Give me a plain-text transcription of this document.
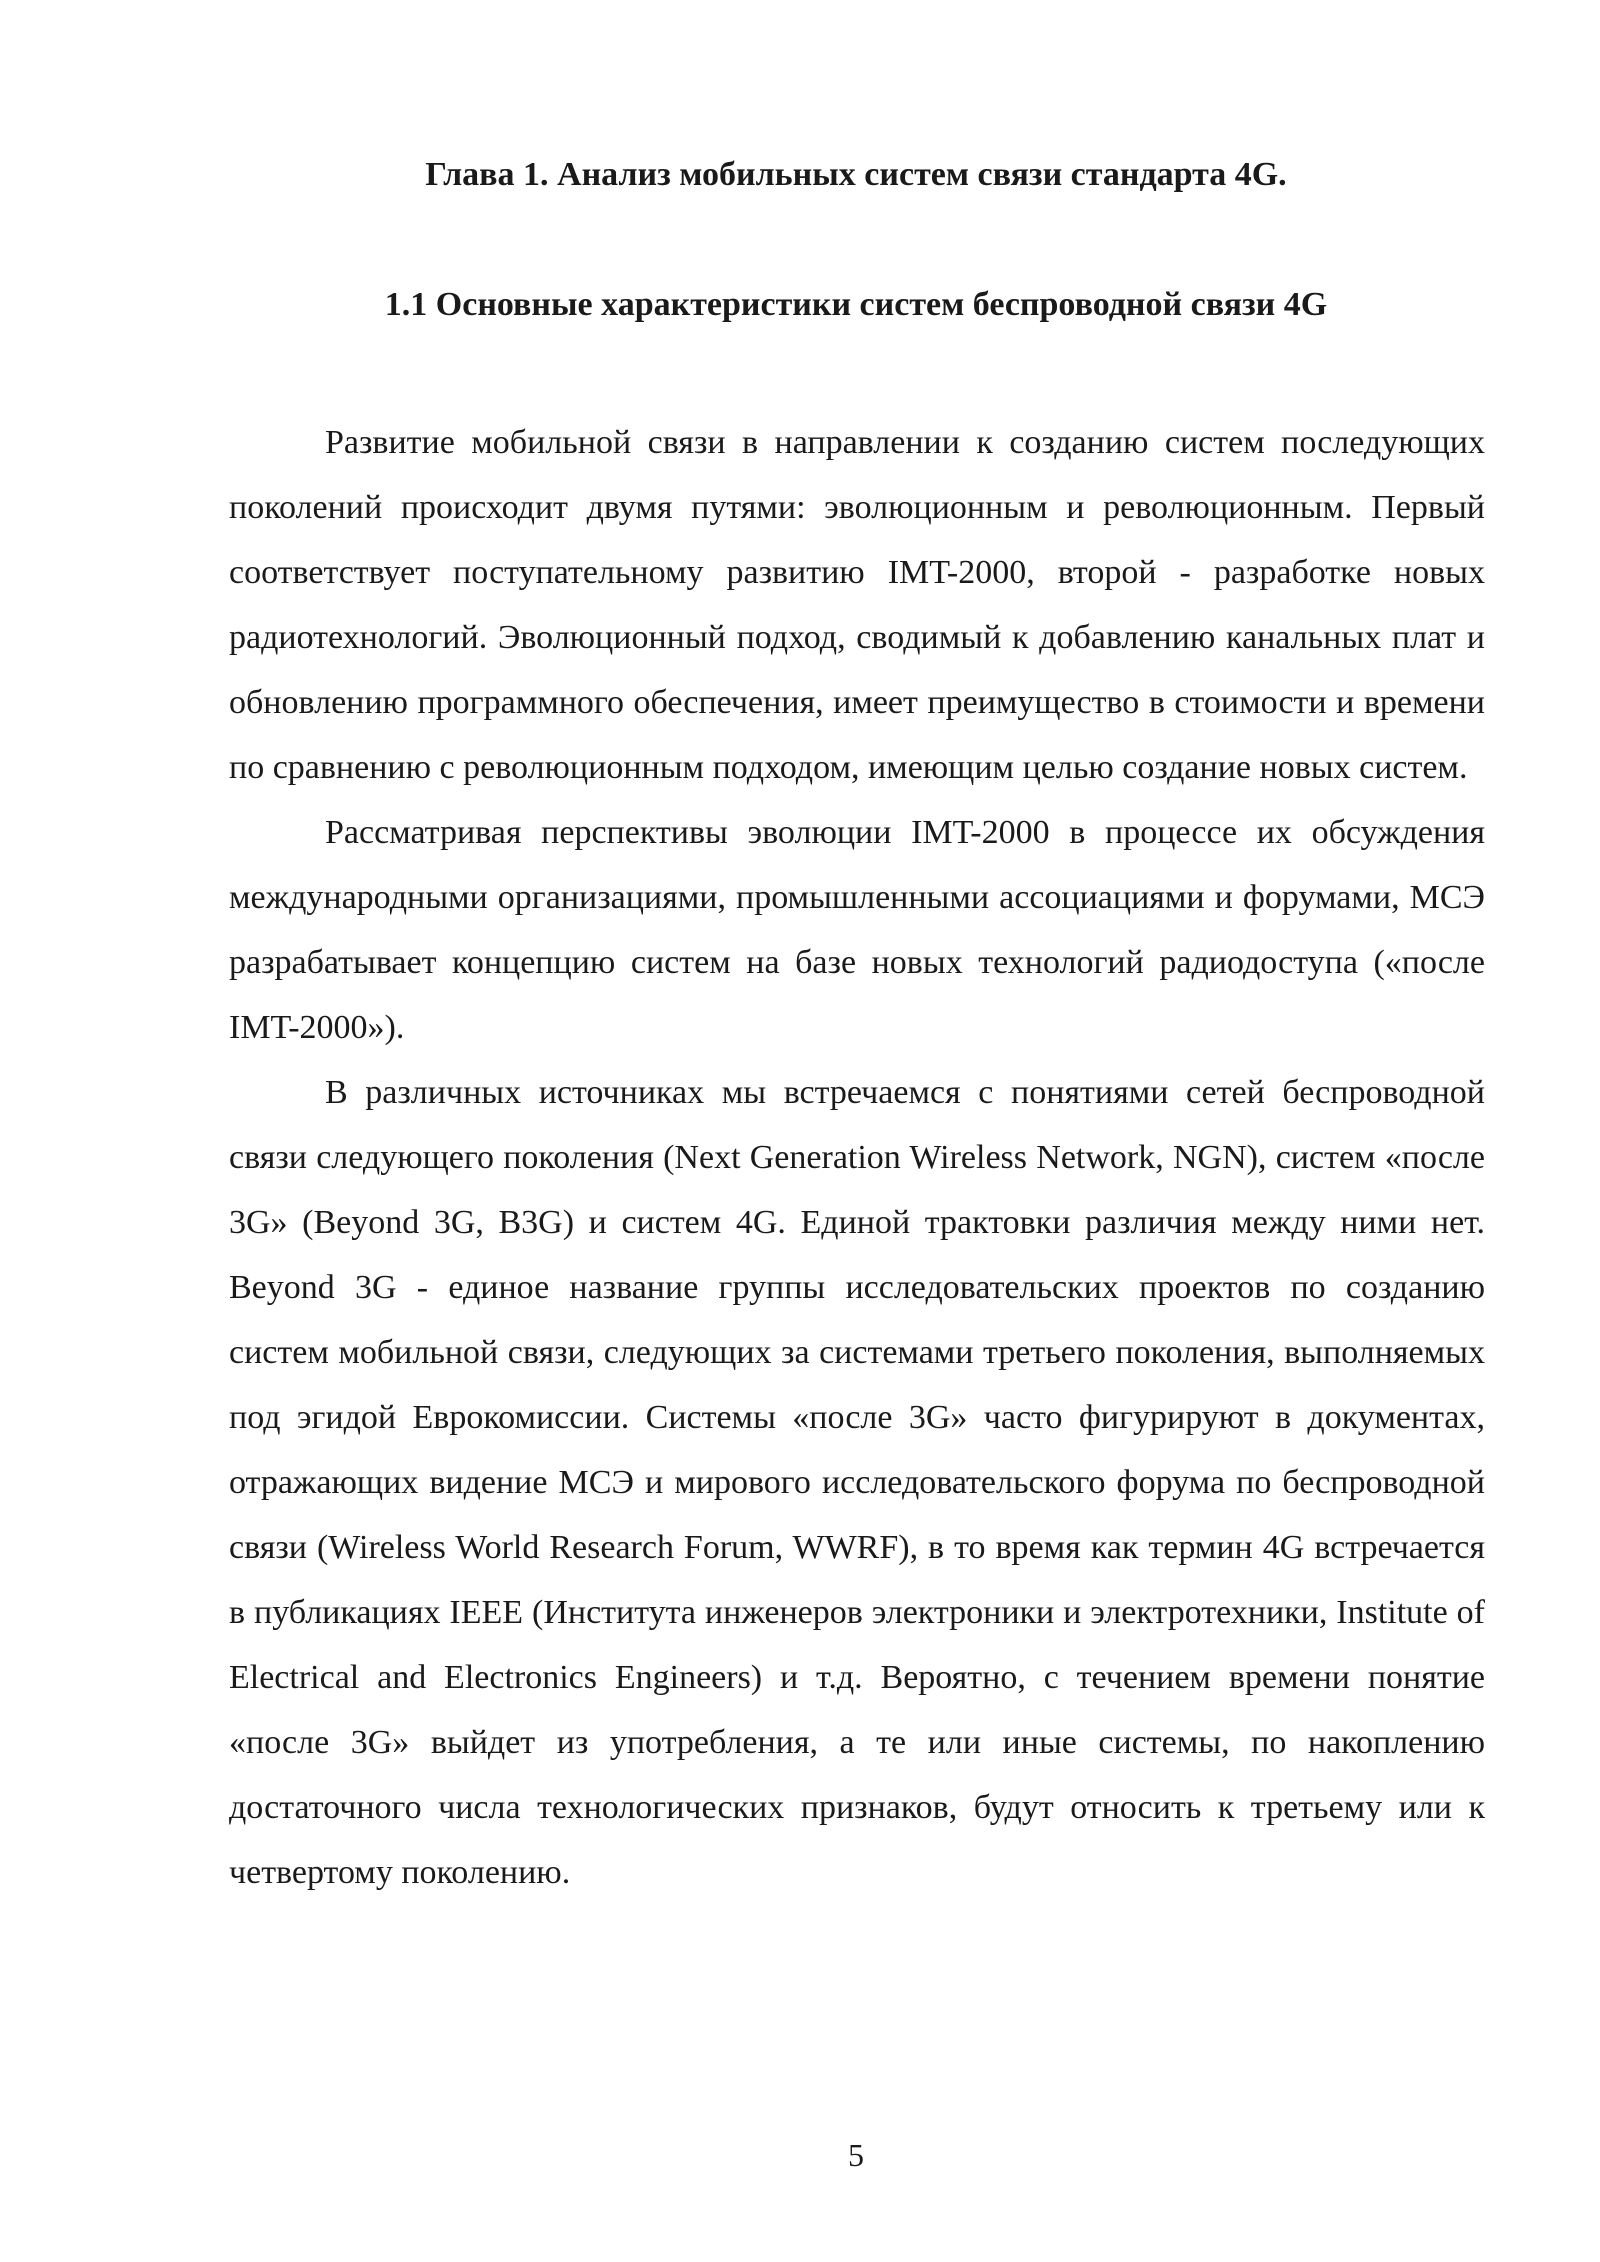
Глава 1. Анализ мобильных систем связи стандарта 4G.
1.1 Основные характеристики систем беспроводной связи 4G

Развитие мобильной связи в направлении к созданию систем последующих поколений происходит двумя путями: эволюционным и революционным. Первый соответствует поступательному развитию IMT-2000, второй - разработке новых радиотехнологий. Эволюционный подход, сводимый к добавлению канальных плат и обновлению программного обеспечения, имеет преимущество в стоимости и времени по сравнению с революционным подходом, имеющим целью создание новых систем.

Рассматривая перспективы эволюции IMT-2000 в процессе их обсуждения международными организациями, промышленными ассоциациями и форумами, МСЭ разрабатывает концепцию систем на базе новых технологий радиодоступа («после IMT-2000»).

В различных источниках мы встречаемся с понятиями сетей беспроводной связи следующего поколения (Next Generation Wireless Network, NGN), систем «после 3G» (Beyond 3G, B3G) и систем 4G. Единой трактовки различия между ними нет. Beyond 3G - единое название группы исследовательских проектов по созданию систем мобильной связи, следующих за системами третьего поколения, выполняемых под эгидой Еврокомиссии. Системы «после 3G» часто фигурируют в документах, отражающих видение МСЭ и мирового исследовательского форума по беспроводной связи (Wireless World Research Forum, WWRF), в то время как термин 4G встречается в публикациях IEEE (Института инженеров электроники и электротехники, Institute of Electrical and Electronics Engineers) и т.д. Вероятно, с течением времени понятие «после 3G» выйдет из употребления, а те или иные системы, по накоплению достаточного числа технологических признаков, будут относить к третьему или к четвертому поколению.

5
